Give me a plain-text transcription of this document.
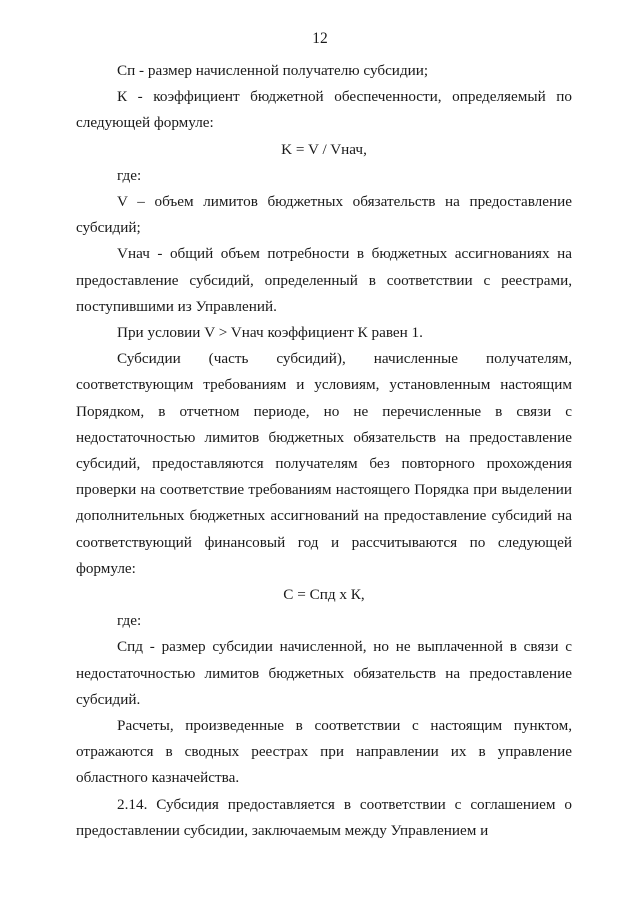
12

Сп - размер начисленной получателю субсидии;

К - коэффициент бюджетной обеспеченности, определяемый по следующей формуле:

K = V / Vнач,

где:

V – объем лимитов бюджетных обязательств на предоставление субсидий;

Vнач - общий объем потребности в бюджетных ассигнованиях на предоставление субсидий, определенный в соответствии с реестрами, поступившими из Управлений.

При условии V > Vнач коэффициент К равен 1.

Субсидии (часть субсидий), начисленные получателям, соответствующим требованиям и условиям, установленным настоящим Порядком, в отчетном периоде, но не перечисленные в связи с недостаточностью лимитов бюджетных обязательств на предоставление субсидий, предоставляются получателям без повторного прохождения проверки на соответствие требованиям настоящего Порядка при выделении дополнительных бюджетных ассигнований на предоставление субсидий на соответствующий финансовый год и рассчитываются по следующей формуле:

С = Спд х К,

где:

Спд - размер субсидии начисленной, но не выплаченной в связи с недостаточностью лимитов бюджетных обязательств на предоставление субсидий.

Расчеты, произведенные в соответствии с настоящим пунктом, отражаются в сводных реестрах при направлении их в управление областного казначейства.

2.14. Субсидия предоставляется в соответствии с соглашением о предоставлении субсидии, заключаемым между Управлением и
